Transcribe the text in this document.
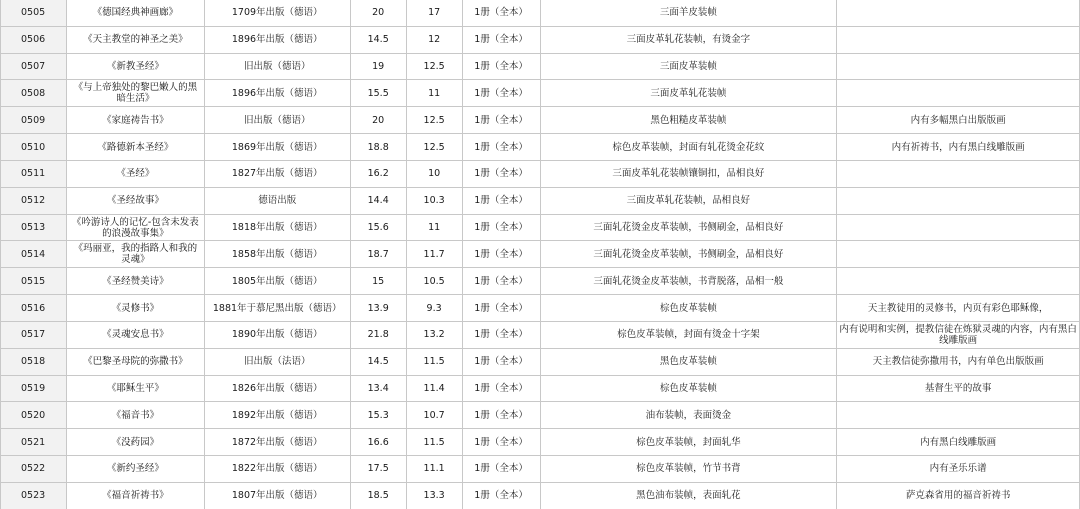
0505	《德国经典神画廊》	1709年出版（德语）	20	17	1册（全本）	三面羊皮装帧	
0506	《天主教堂的神圣之美》	1896年出版（德语）	14.5	12	1册（全本）	三面皮革轧花装帧，有烫金字	
0507	《新教圣经》	旧出版（德语）	19	12.5	1册（全本）	三面皮革装帧	
0508	《与上帝独处的黎巴嫩人的黑暗生活》	1896年出版（德语）	15.5	11	1册（全本）	三面皮革轧花装帧	
0509	《家庭祷告书》	旧出版（德语）	20	12.5	1册（全本）	黑色粗糙皮革装帧	内有多幅黑白出版版画
0510	《路德新本圣经》	1869年出版（德语）	18.8	12.5	1册（全本）	棕色皮革装帧，封面有轧花烫金花纹	内有祈祷书，内有黑白线雕版画
0511	《圣经》	1827年出版（德语）	16.2	10	1册（全本）	三面皮革轧花装帧镶铜扣，品相良好	
0512	《圣经故事》	德语出版	14.4	10.3	1册（全本）	三面皮革轧花装帧，品相良好	
0513	《吟游诗人的记忆-包含未发表的浪漫故事集》	1818年出版（德语）	15.6	11	1册（全本）	三面轧花烫金皮革装帧，书侧刷金，品相良好	
0514	《玛丽亚，我的指路人和我的灵魂》	1858年出版（德语）	18.7	11.7	1册（全本）	三面轧花烫金皮革装帧，书侧刷金，品相良好	
0515	《圣经赞美诗》	1805年出版（德语）	15	10.5	1册（全本）	三面轧花烫金皮革装帧，书背脱落，品相一般	
0516	《灵修书》	1881年于慕尼黑出版（德语）	13.9	9.3	1册（全本）	棕色皮革装帧	天主教徒用的灵修书，内页有彩色耶稣像，
0517	《灵魂安息书》	1890年出版（德语）	21.8	13.2	1册（全本）	棕色皮革装帧，封面有烫金十字架	内有说明和实例，提教信徒在炼狱灵魂的内容，内有黑白线雕版画
0518	《巴黎圣母院的弥撒书》	旧出版（法语）	14.5	11.5	1册（全本）	黑色皮革装帧	天主教信徒弥撒用书，内有单色出版版画
0519	《耶稣生平》	1826年出版（德语）	13.4	11.4	1册（全本）	棕色皮革装帧	基督生平的故事
0520	《福音书》	1892年出版（德语）	15.3	10.7	1册（全本）	油布装帧，表面烫金	
0521	《没药园》	1872年出版（德语）	16.6	11.5	1册（全本）	棕色皮革装帧，封面轧华	内有黑白线雕版画
0522	《新约圣经》	1822年出版（德语）	17.5	11.1	1册（全本）	棕色皮革装帧，竹节书背	内有圣乐乐谱
0523	《福音祈祷书》	1807年出版（德语）	18.5	13.3	1册（全本）	黑色油布装帧，表面轧花	萨克森省用的福音祈祷书
